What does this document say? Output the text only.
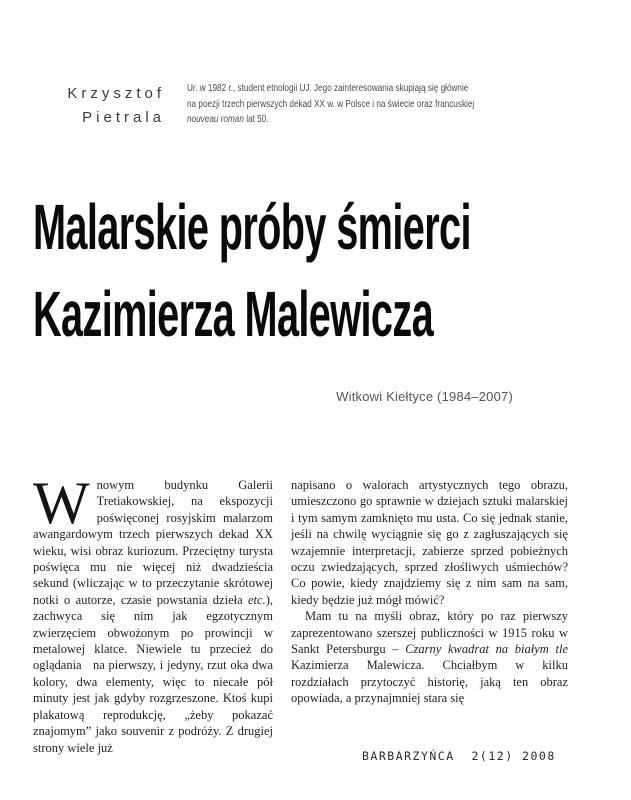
Krzysztof
Pietrala
Ur. w 1982 r., student etnologii UJ. Jego zainteresowania skupiają się głównie
na poezji trzech pierwszych dekad XX w. w Polsce i na świecie oraz francuskiej
nouveau roman lat 50.
Malarskie próby śmierci
Kazimierza Malewicza
Witkowi Kiełtyce (1984–2007)
W nowym budynku Galerii Tretiakowskiej, na ekspozycji poświęconej rosyjskim malarzom awangardowym trzech pierwszych dekad XX wieku, wisi obraz kuriozum. Przeciętny turysta poświęca mu nie więcej niż dwadzieścia sekund (wliczając w to przeczytanie skrótowej notki o autorze, czasie powstania dzieła etc.), zachwyca się nim jak egzotycznym zwierzęciem obwożonym po prowincji w metalowej klatce. Niewiele tu przecież do oglądania   na pierwszy, i jedyny, rzut oka dwa kolory, dwa elementy, więc to niecałe pół minuty jest jak gdyby rozgrzeszone. Ktoś kupi plakatową reprodukcję, „żeby pokazać znajomym” jako souvenir z podróży. Z drugiej strony wiele już

napisano o walorach artystycznych tego obrazu, umieszczono go sprawnie w dziejach sztuki malarskiej i tym samym zamknięto mu usta. Co się jednak stanie, jeśli na chwilę wyciągnie się go z zagłuszających się wzajemnie interpretacji, zabierze sprzed pobieżnych oczu zwiedzających, sprzed złośliwych uśmiechów? Co powie, kiedy znajdziemy się z nim sam na sam, kiedy będzie już mógł mówić?

Mam tu na myśli obraz, który po raz pierwszy zaprezentowano szerszej publiczności w 1915 roku w Sankt Petersburgu – Czarny kwadrat na białym tle Kazimierza Malewicza. Chciałbym w kilku rozdziałach przytoczyć historię, jaką ten obraz opowiada, a przynajmniej stara się

BARBARZYŃCA  2(12) 2008
